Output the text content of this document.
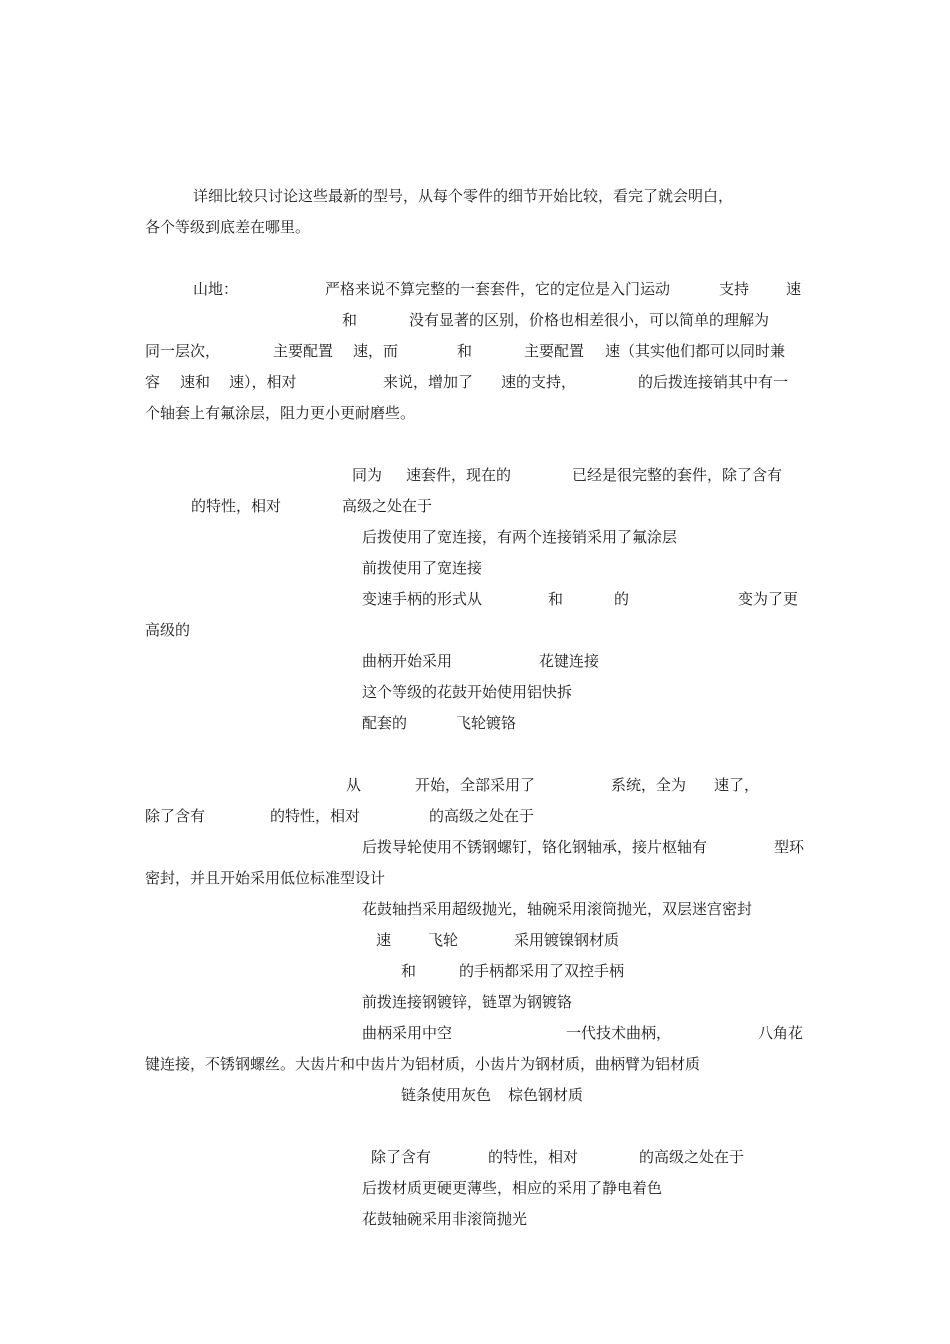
详细比较只讨论这些最新的型号，从每个零件的细节开始比较，看完了就会明白，
各个等级到底差在哪里。
山地：	严格来说不算完整的一套套件，它的定位是入门运动	支持 速
和	没有显著的区别，价格也相差很小，可以简单的理解为
同一层次，	主要配置 速，而	和	主要配置 速（其实他们都可以同时兼
容 速和 速），相对	来说，增加了 速的支持，	的后拨连接销其中有一
个轴套上有氟涂层，阻力更小更耐磨些。
同为 速套件，现在的	已经是很完整的套件，除了含有
的特性，相对	高级之处在于
后拨使用了宽连接，有两个连接销采用了氟涂层
前拨使用了宽连接
变速手柄的形式从	和	的	变为了更
高级的
曲柄开始采用	花键连接
这个等级的花鼓开始使用铝快拆
配套的	飞轮镀铬
从	开始，全部采用了	系统，全为 速了，
除了含有	的特性，相对	的高级之处在于
后拨导轮使用不锈钢螺钉，铬化钢轴承，接片枢轴有	型环
密封，并且开始采用低位标准型设计
花鼓轴挡采用超级抛光，轴碗采用滚筒抛光，双层迷宫密封
速 飞轮	采用镀镍钢材质
和	的手柄都采用了双控手柄
前拨连接钢镀锌，链罩为钢镀铬
曲柄采用中空	一代技术曲柄，	八角花
键连接，不锈钢螺丝。大齿片和中齿片为铝材质，小齿片为钢材质，曲柄臂为铝材质
链条使用灰色 棕色钢材质
除了含有	的特性，相对	的高级之处在于
后拨材质更硬更薄些，相应的采用了静电着色
花鼓轴碗采用非滚筒抛光
